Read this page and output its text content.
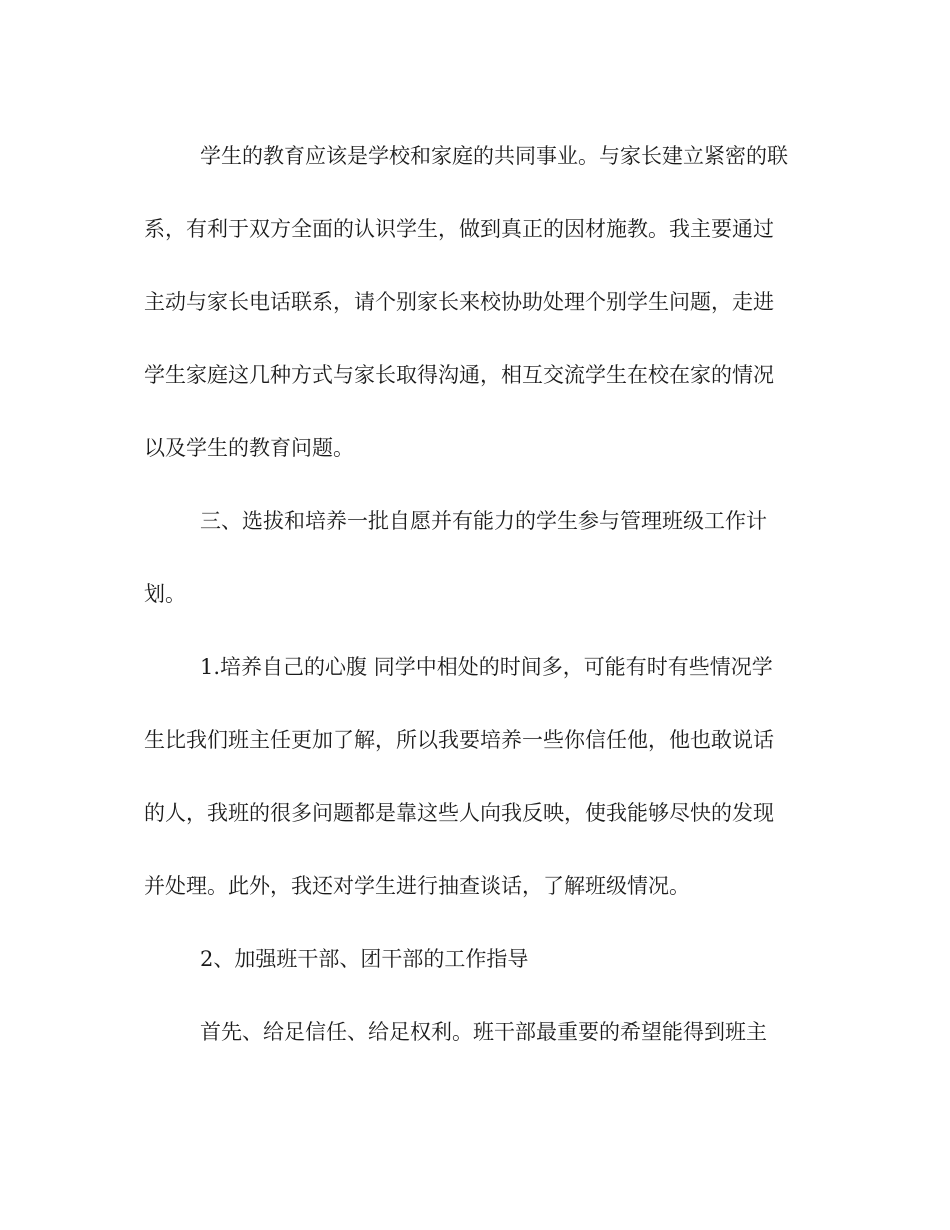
学生的教育应该是学校和家庭的共同事业。与家长建立紧密的联
系，有利于双方全面的认识学生，做到真正的因材施教。我主要通过
主动与家长电话联系，请个别家长来校协助处理个别学生问题，走进
学生家庭这几种方式与家长取得沟通，相互交流学生在校在家的情况
以及学生的教育问题。
三、选拔和培养一批自愿并有能力的学生参与管理班级工作计
划。
1.培养自己的心腹 同学中相处的时间多，可能有时有些情况学
生比我们班主任更加了解，所以我要培养一些你信任他，他也敢说话
的人，我班的很多问题都是靠这些人向我反映，使我能够尽快的发现
并处理。此外，我还对学生进行抽查谈话，了解班级情况。
2、加强班干部、团干部的工作指导
首先、给足信任、给足权利。班干部最重要的希望能得到班主
